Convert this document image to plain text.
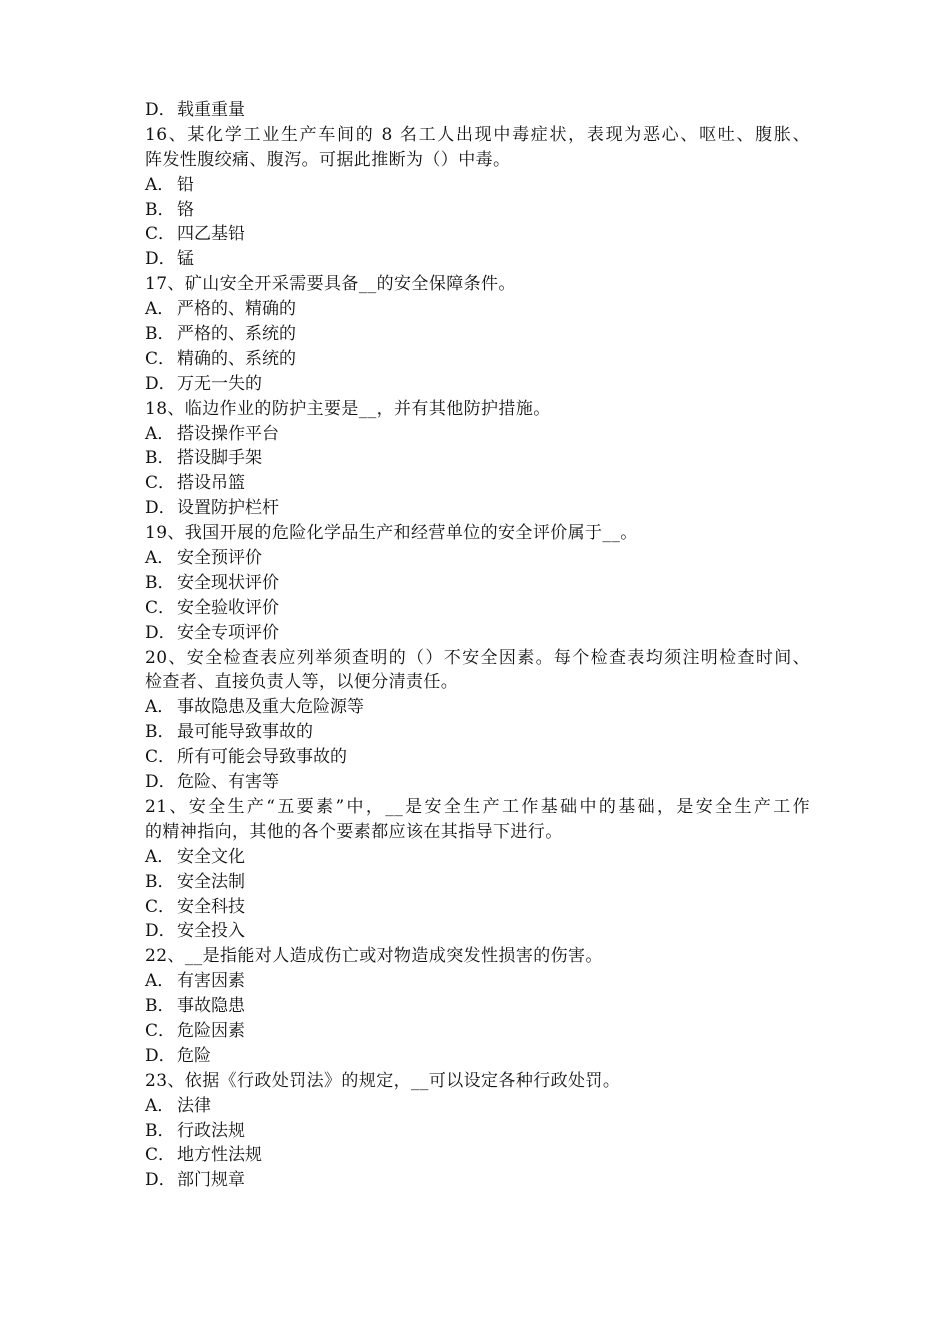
D．载重重量
16、某化学工业生产车间的 8 名工人出现中毒症状，表现为恶心、呕吐、腹胀、
阵发性腹绞痛、腹泻。可据此推断为（）中毒。
A． 铅
B． 铬
C． 四乙基铅
D．锰
17、矿山安全开采需要具备__的安全保障条件。
A． 严格的、精确的
B． 严格的、系统的
C． 精确的、系统的
D．万无一失的
18、临边作业的防护主要是__，并有其他防护措施。
A． 搭设操作平台
B． 搭设脚手架
C． 搭设吊篮
D．设置防护栏杆
19、我国开展的危险化学品生产和经营单位的安全评价属于__。
A． 安全预评价
B． 安全现状评价
C． 安全验收评价
D．安全专项评价
20、安全检查表应列举须查明的（）不安全因素。每个检查表均须注明检查时间、
检查者、直接负责人等，以便分清责任。
A． 事故隐患及重大危险源等
B． 最可能导致事故的
C． 所有可能会导致事故的
D．危险、有害等
21、安全生产“五要素”中，__是安全生产工作基础中的基础，是安全生产工作
的精神指向，其他的各个要素都应该在其指导下进行。
A． 安全文化
B． 安全法制
C． 安全科技
D．安全投入
22、__是指能对人造成伤亡或对物造成突发性损害的伤害。
A． 有害因素
B． 事故隐患
C． 危险因素
D．危险
23、依据《行政处罚法》的规定，__可以设定各种行政处罚。
A． 法律
B． 行政法规
C． 地方性法规
D．部门规章
